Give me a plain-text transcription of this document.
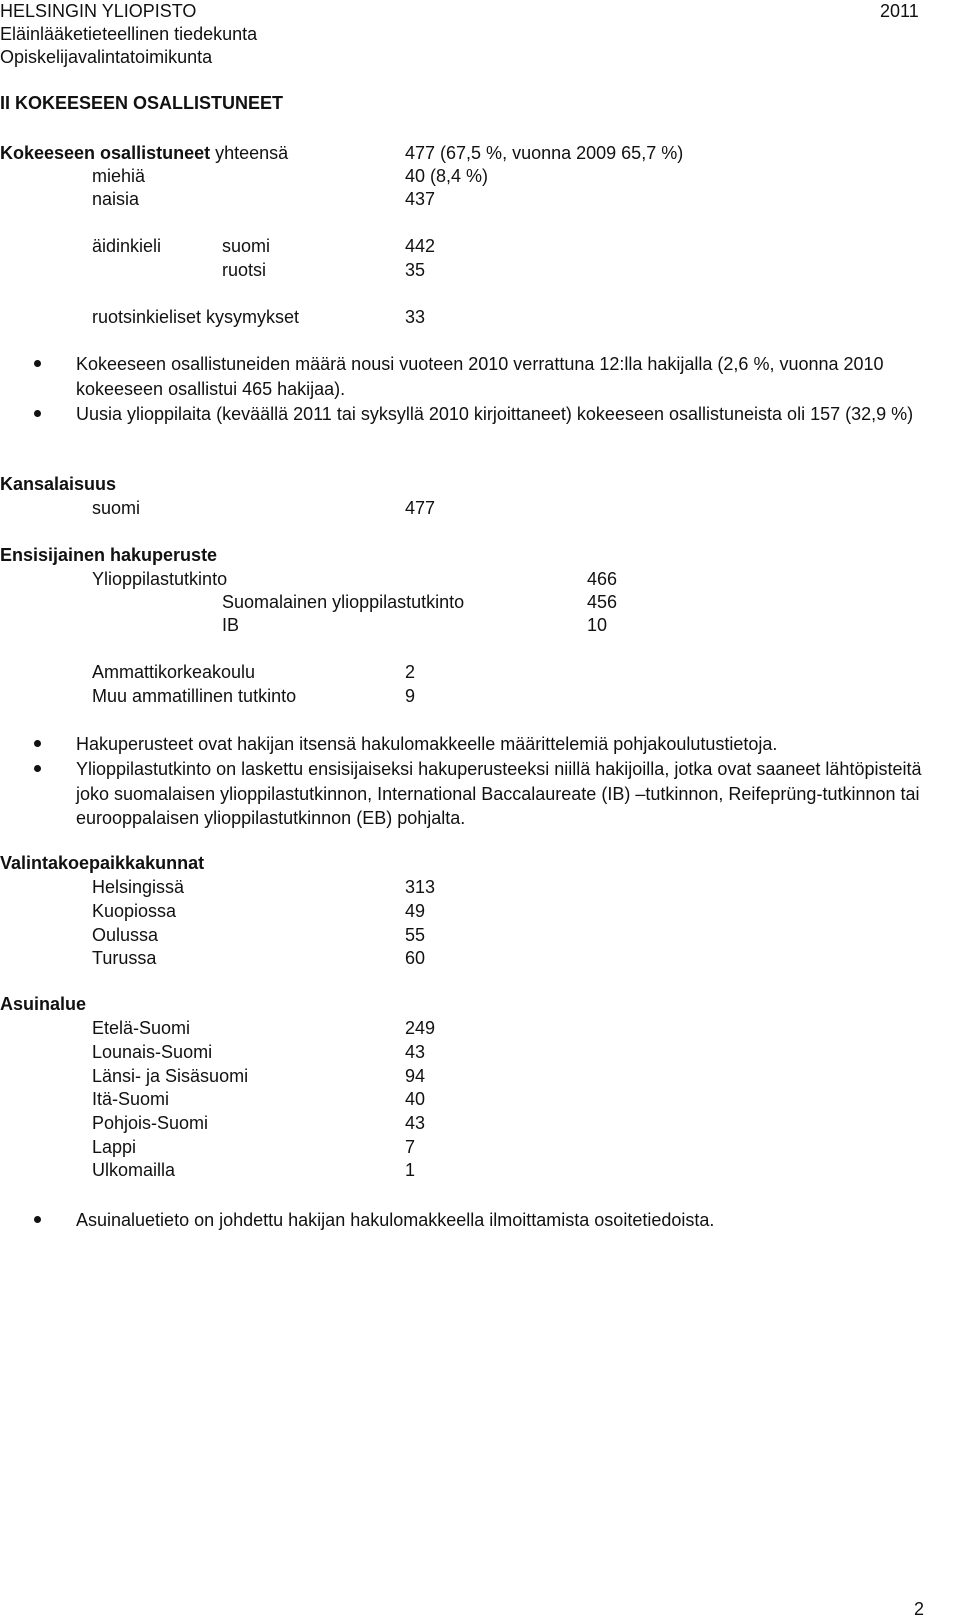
HELSINGIN YLIOPISTO	2011
Eläinlääketieteellinen tiedekunta
Opiskelijavalintatoimikunta
II KOKEESEEN OSALLISTUNEET
Kokeeseen osallistuneet yhteensä	477 (67,5 %, vuonna 2009 65,7 %)
miehiä	40 (8,4 %)
naisia	437
äidinkieli	suomi	442
ruotsi	35
ruotsinkieliset kysymykset	33
Kokeeseen osallistuneiden määrä nousi vuoteen 2010 verrattuna 12:lla hakijalla (2,6 %, vuonna 2010 kokeeseen osallistui 465 hakijaa).
Uusia ylioppilaita (keväällä 2011 tai syksyllä 2010 kirjoittaneet) kokeeseen osallistuneista oli 157 (32,9 %)
Kansalaisuus
suomi	477
Ensisijainen hakuperuste
Ylioppilastutkinto	466
Suomalainen ylioppilastutkinto	456
IB	10
Ammattikorkeakoulu	2
Muu ammatillinen tutkinto	9
Hakuperusteet ovat hakijan itsensä hakulomakkeelle määrittelemiä pohjakoulutustietoja.
Ylioppilastutkinto on laskettu ensisijaiseksi hakuperusteeksi niillä hakijoilla, jotka ovat saaneet lähtöpisteitä joko suomalaisen ylioppilastutkinnon, International Baccalaureate (IB) –tutkinnon, Reifeprüng-tutkinnon tai eurooppalaisen ylioppilastutkinnon (EB) pohjalta.
Valintakoepaikkakunnat
Helsingissä	313
Kuopiossa	49
Oulussa	55
Turussa	60
Asuinalue
Etelä-Suomi	249
Lounais-Suomi	43
Länsi- ja Sisäsuomi	94
Itä-Suomi	40
Pohjois-Suomi	43
Lappi	7
Ulkomailla	1
Asuinaluetieto on johdettu hakijan hakulomakkeella ilmoittamista osoitetiedoista.
2
